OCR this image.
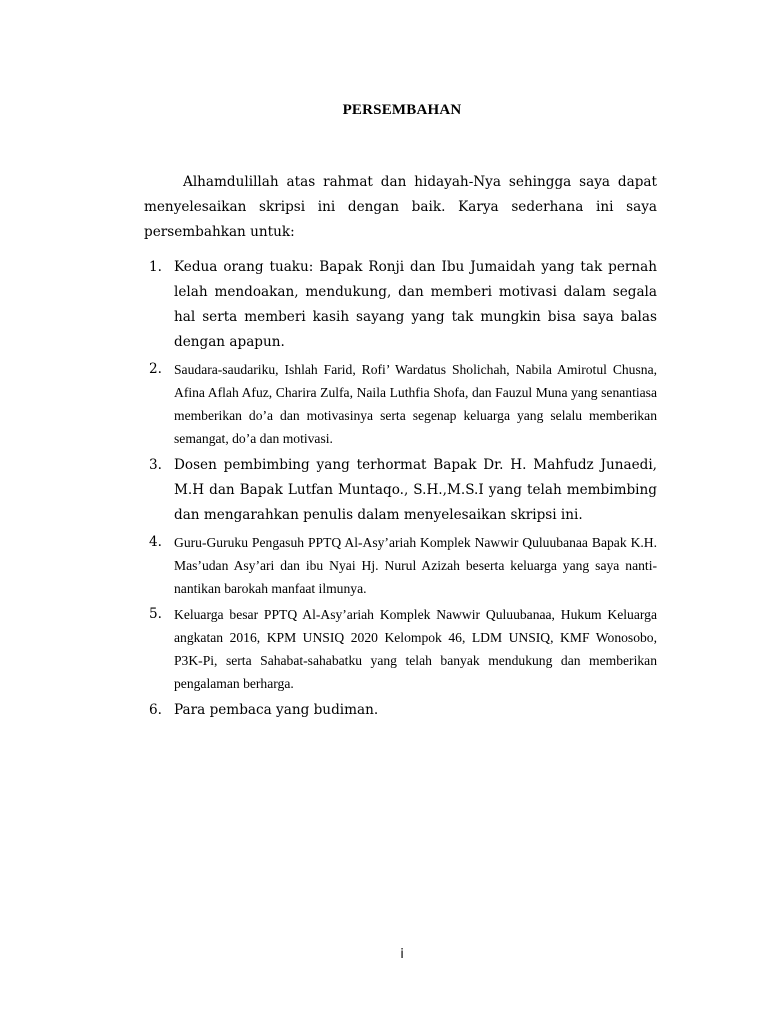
PERSEMBAHAN

Alhamdulillah atas rahmat dan hidayah-Nya sehingga saya dapat menyelesaikan skripsi ini dengan baik. Karya sederhana ini saya persembahkan untuk:

1. Kedua orang tuaku: Bapak Ronji dan Ibu Jumaidah yang tak pernah lelah mendoakan, mendukung, dan memberi motivasi dalam segala hal serta memberi kasih sayang yang tak mungkin bisa saya balas dengan apapun.
2. Saudara-saudariku, Ishlah Farid, Rofi’ Wardatus Sholichah, Nabila Amirotul Chusna, Afina Aflah Afuz, Charira Zulfa, Naila Luthfia Shofa, dan Fauzul Muna yang senantiasa memberikan do’a dan motivasinya serta segenap keluarga yang selalu memberikan semangat, do’a dan motivasi.
3. Dosen pembimbing yang terhormat Bapak Dr. H. Mahfudz Junaedi, M.H dan Bapak Lutfan Muntaqo., S.H.,M.S.I yang telah membimbing dan mengarahkan penulis dalam menyelesaikan skripsi ini.
4. Guru-Guruku Pengasuh PPTQ Al-Asy’ariah Komplek Nawwir Quluubanaa Bapak K.H. Mas’udan Asy’ari dan ibu Nyai Hj. Nurul Azizah beserta keluarga yang saya nanti-nantikan barokah manfaat ilmunya.
5. Keluarga besar PPTQ Al-Asy’ariah Komplek Nawwir Quluubanaa, Hukum Keluarga angkatan 2016, KPM UNSIQ 2020 Kelompok 46, LDM UNSIQ, KMF Wonosobo, P3K-Pi, serta Sahabat-sahabatku yang telah banyak mendukung dan memberikan pengalaman berharga.
6. Para pembaca yang budiman.
i
